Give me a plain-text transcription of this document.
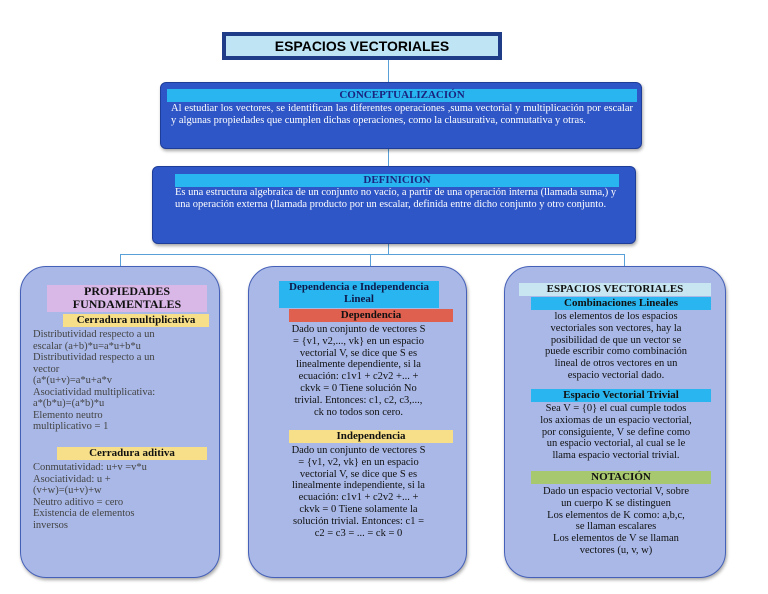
ESPACIOS VECTORIALES
CONCEPTUALIZACIÓN
Al estudiar los vectores, se identifican las diferentes operaciones ,suma vectorial y multiplicación por escalar y algunas propiedades que cumplen dichas operaciones, como la clausurativa, conmutativa y otras.
DEFINICION
Es una estructura algebraica de un conjunto no vacío, a partir de una operación interna (llamada suma,) y una operación externa (llamada producto por un escalar, definida entre dicho conjunto y otro conjunto.
PROPIEDADES
FUNDAMENTALES
Cerradura multiplicativa
Distributividad respecto a un
escalar (a+b)*u=a*u+b*u
Distributividad respecto a un
vector
(a*(u+v)=a*u+a*v
Asociatividad multiplicativa:
a*(b*u)=(a*b)*u
Elemento neutro
multiplicativo = 1
Cerradura aditiva
Conmutatividad: u+v =v*u
Asociatividad: u +
(v+w)=(u+v)+w
Neutro aditivo = cero
Existencia de elementos
inversos
Dependencia e Independencia
Lineal
Dependencia
Dado un conjunto de vectores S
= {v1, v2,..., vk} en un espacio
vectorial V, se dice que S es
linealmente dependiente, si la
ecuación: c1v1 + c2v2 +... +
ckvk = 0 Tiene solución No
trivial. Entonces: c1, c2, c3,...,
ck no todos son cero.
Independencia
Dado un conjunto de vectores S
= {v1, v2, vk} en un espacio
vectorial V, se dice que S es
linealmente independiente, si la
ecuación: c1v1 + c2v2 +... +
ckvk = 0 Tiene solamente la
solución trivial. Entonces: c1 =
c2 = c3 = ... = ck = 0
ESPACIOS VECTORIALES
Combinaciones Lineales
los elementos de los espacios
vectoriales son vectores, hay la
posibilidad de que un vector se
puede escribir como combinación
lineal de otros vectores en un
espacio vectorial dado.
Espacio Vectorial Trivial
Sea V = {0} el cual cumple todos
los axiomas de un espacio vectorial,
por consiguiente, V se define como
un espacio vectorial, al cual se le
llama espacio vectorial trivial.
NOTACIÓN
Dado un espacio vectorial V, sobre
un cuerpo K se distinguen
Los elementos de K como: a,b,c,
se llaman escalares
Los elementos de V se llaman
vectores (u, v, w)
